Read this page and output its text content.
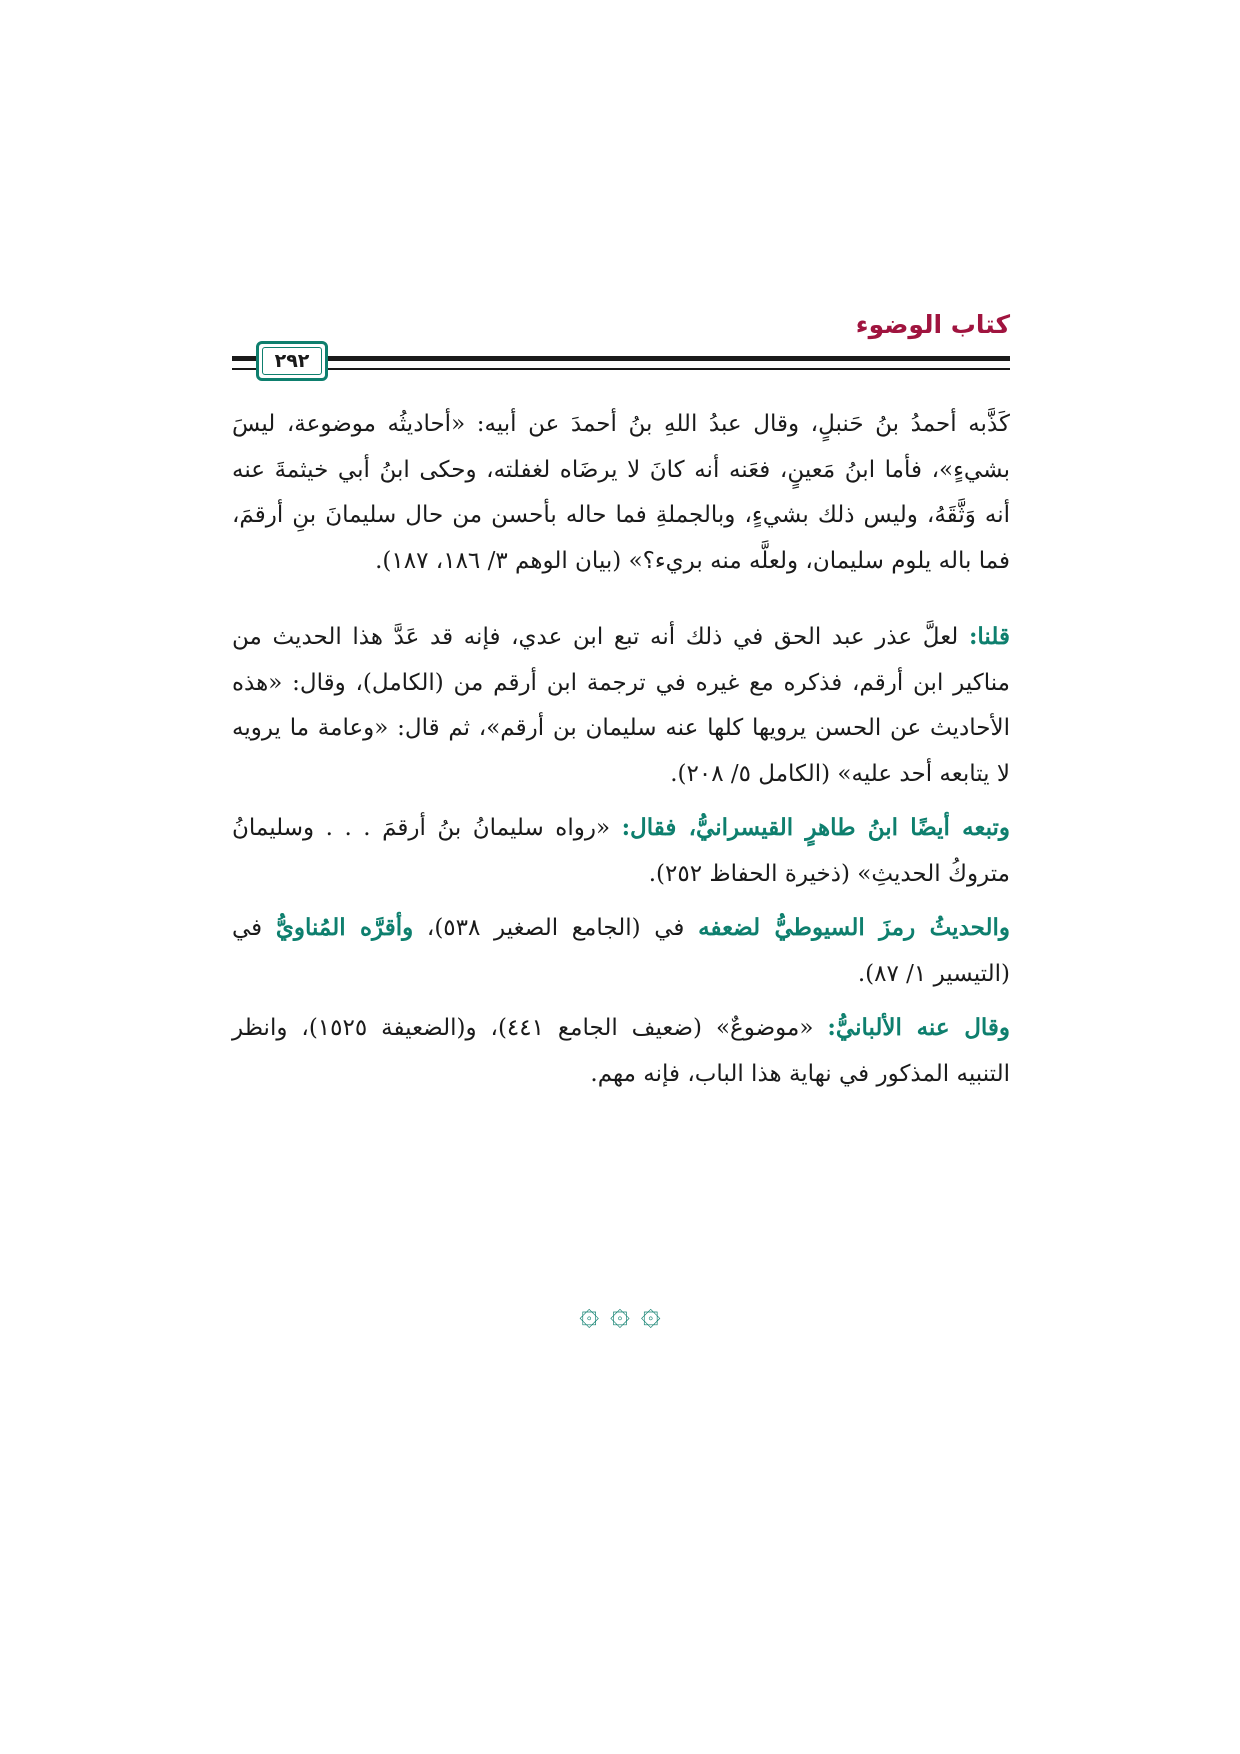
كتاب الوضوء
٢٩٢

كَذَّبه أحمدُ بنُ حَنبلٍ، وقال عبدُ اللهِ بنُ أحمدَ عن أبيه: «أحاديثُه موضوعة، ليسَ بشيءٍ»، فأما ابنُ مَعينٍ، فعَنه أنه كانَ لا يرضَاه لغفلته، وحكى ابنُ أبي خيثمةَ عنه أنه وَثَّقَهُ، وليس ذلك بشيءٍ، وبالجملةِ فما حاله بأحسن من حال سليمانَ بنِ أرقمَ، فما باله يلوم سليمان، ولعلَّه منه بريء؟» (بيان الوهم ٣/ ١٨٦، ١٨٧).

قلنا: لعلَّ عذر عبد الحق في ذلك أنه تبع ابن عدي، فإنه قد عَدَّ هذا الحديث من مناكير ابن أرقم، فذكره مع غيره في ترجمة ابن أرقم من (الكامل)، وقال: «هذه الأحاديث عن الحسن يرويها كلها عنه سليمان بن أرقم»، ثم قال: «وعامة ما يرويه لا يتابعه أحد عليه» (الكامل ٥/ ٢٠٨).

وتبعه أيضًا ابنُ طاهرٍ القيسرانيُّ، فقال: «رواه سليمانُ بنُ أرقمَ . . . وسليمانُ متروكُ الحديثِ» (ذخيرة الحفاظ ٢٥٢).

والحديثُ رمزَ السيوطيُّ لضعفه في (الجامع الصغير ٥٣٨)، وأقرَّه المُناويُّ في (التيسير ١/ ٨٧).

وقال عنه الألبانيُّ: «موضوعٌ» (ضعيف الجامع ٤٤١)، و(الضعيفة ١٥٢٥)، وانظر التنبيه المذكور في نهاية هذا الباب، فإنه مهم.

۞ ۞ ۞
